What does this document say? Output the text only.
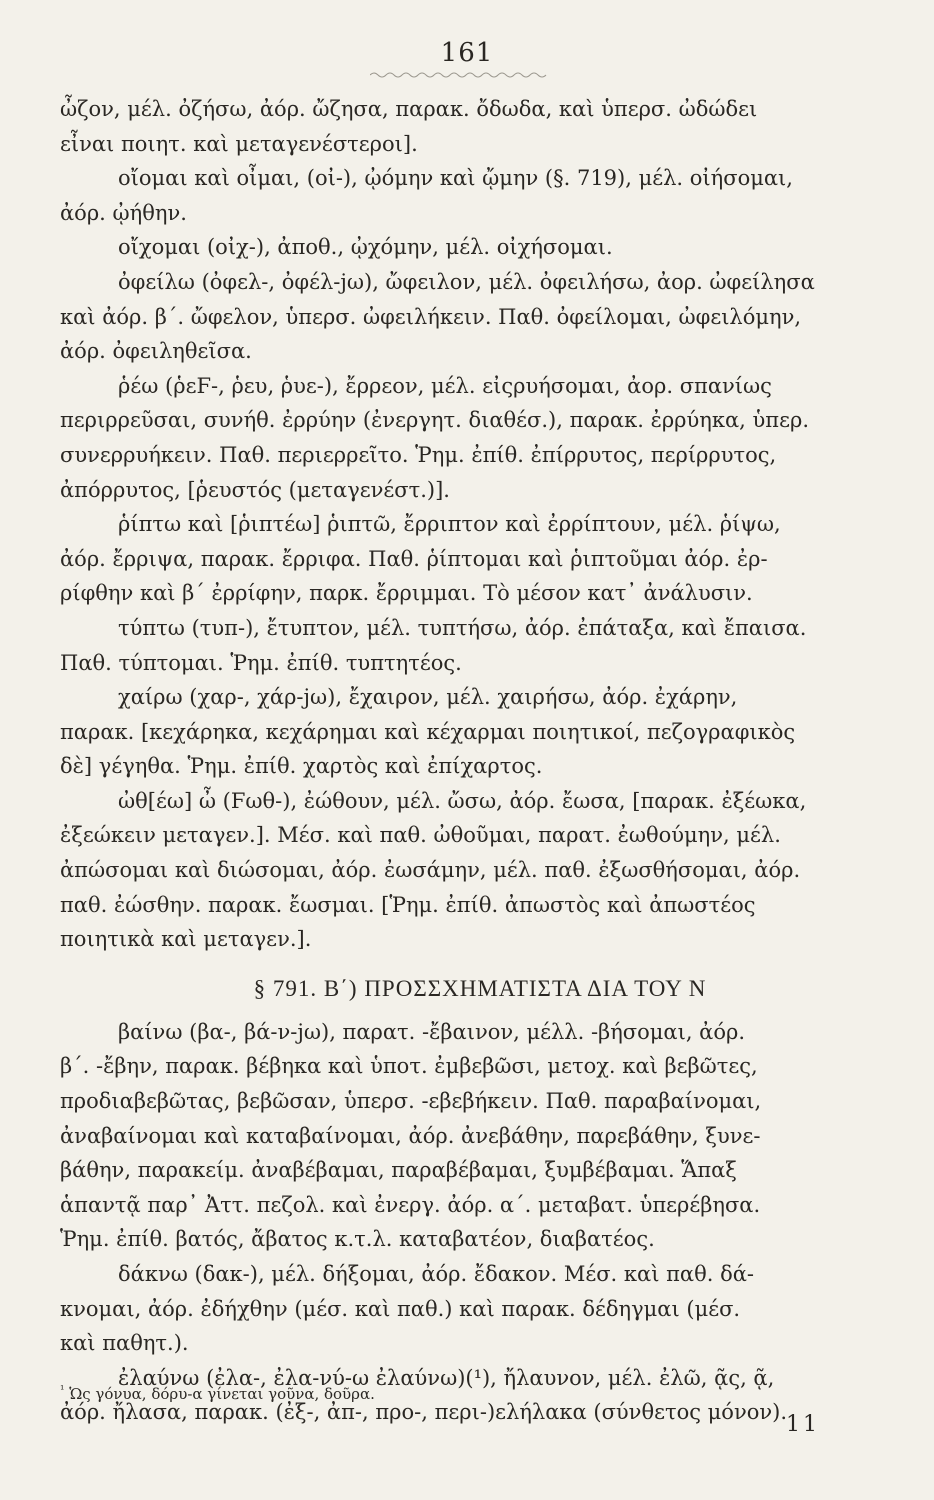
161
ὦζον, μέλ. ὀζήσω, ἀόρ. ὤζησα, παρακ. ὄδωδα, καὶ ὑπερσ. ὠδώδει
εἶναι ποιητ. καὶ μεταγενέστεροι].
οἴομαι καὶ οἶμαι, (οἰ-), ᾠόμην καὶ ᾤμην (§. 719), μέλ. οἰήσομαι,
ἀόρ. ᾠήθην.
οἴχομαι (οἰχ-), ἀποθ., ᾠχόμην, μέλ. οἰχήσομαι.
ὀφείλω (ὀφελ-, ὀφέλ-jω), ὤφειλον, μέλ. ὀφειλήσω, ἀορ. ὠφείλησα
καὶ ἀόρ. β΄. ὤφελον, ὑπερσ. ὠφειλήκειν. Παθ. ὀφείλομαι, ὠφειλόμην,
ἀόρ. ὀφειληθεῖσα.
ῥέω (ῥεϜ-, ῥευ, ῥυε-), ἔρρεον, μέλ. εἰςρυήσομαι, ἀορ. σπανίως
περιρρεῦσαι, συνήθ. ἐρρύην (ἐνεργητ. διαθέσ.), παρακ. ἐρρύηκα, ὑπερ.
συνερρυήκειν. Παθ. περιερρεῖτο. Ῥημ. ἐπίθ. ἐπίρρυτος, περίρρυτος,
ἀπόρρυτος, [ῥευστός (μεταγενέστ.)].
ῥίπτω καὶ [ῥιπτέω] ῥιπτῶ, ἔρριπτον καὶ ἐρρίπτουν, μέλ. ῥίψω,
ἀόρ. ἔρριψα, παρακ. ἔρριφα. Παθ. ῥίπτομαι καὶ ῥιπτοῦμαι ἀόρ. ἐρ-
ρίφθην καὶ β΄ ἐρρίφην, παρκ. ἔρριμμαι. Τὸ μέσον κατ᾽ ἀνάλυσιν.
τύπτω (τυπ-), ἔτυπτον, μέλ. τυπτήσω, ἀόρ. ἐπάταξα, καὶ ἔπαισα.
Παθ. τύπτομαι. Ῥημ. ἐπίθ. τυπτητέος.
χαίρω (χαρ-, χάρ-jω), ἔχαιρον, μέλ. χαιρήσω, ἀόρ. ἐχάρην,
παρακ. [κεχάρηκα, κεχάρημαι καὶ κέχαρμαι ποιητικοί, πεζογραφικὸς
δὲ] γέγηθα. Ῥημ. ἐπίθ. χαρτὸς καὶ ἐπίχαρτος.
ὠθ[έω] ὦ (Ϝωθ-), ἐώθουν, μέλ. ὤσω, ἀόρ. ἔωσα, [παρακ. ἐξέωκα,
ἐξεώκειν μεταγεν.]. Μέσ. καὶ παθ. ὠθοῦμαι, παρατ. ἐωθούμην, μέλ.
ἀπώσομαι καὶ διώσομαι, ἀόρ. ἐωσάμην, μέλ. παθ. ἐξωσθήσομαι, ἀόρ.
παθ. ἐώσθην. παρακ. ἔωσμαι. [Ῥημ. ἐπίθ. ἀπωστὸς καὶ ἀπωστέος
ποιητικὰ καὶ μεταγεν.].
§ 791. Β΄) ΠΡΟΣΣΧΗΜΑΤΙΣΤΑ ΔΙΑ ΤΟΥ Ν
βαίνω (βα-, βά-ν-jω), παρατ. -ἔβαινον, μέλλ. -βήσομαι, ἀόρ.
β΄. -ἔβην, παρακ. βέβηκα καὶ ὑποτ. ἐμβεβῶσι, μετοχ. καὶ βεβῶτες,
προδιαβεβῶτας, βεβῶσαν, ὑπερσ. -εβεβήκειν. Παθ. παραβαίνομαι,
ἀναβαίνομαι καὶ καταβαίνομαι, ἀόρ. ἀνεβάθην, παρεβάθην, ξυνε-
βάθην, παρακείμ. ἀναβέβαμαι, παραβέβαμαι, ξυμβέβαμαι. Ἅπαξ
ἁπαντᾷ παρ᾽ Ἀττ. πεζολ. καὶ ἐνεργ. ἀόρ. α΄. μεταβατ. ὑπερέβησα.
Ῥημ. ἐπίθ. βατός, ἄβατος κ.τ.λ. καταβατέον, διαβατέος.
δάκνω (δακ-), μέλ. δήξομαι, ἀόρ. ἔδακον. Μέσ. καὶ παθ. δά-
κνομαι, ἀόρ. ἐδήχθην (μέσ. καὶ παθ.) καὶ παρακ. δέδηγμαι (μέσ.
καὶ παθητ.).
ἐλαύνω (ἐλα-, ἐλα-νύ-ω ἐλαύνω)(¹), ἤλαυνον, μέλ. ἐλῶ, ᾷς, ᾷ,
ἀόρ. ἤλασα, παρακ. (ἐξ-, ἀπ-, προ-, περι-)ελήλακα (σύνθετος μόνον).
$^{^1}$ Ὡς γόνυα, δόρυ-α γίνεται γοῦνα, δοῦρα.
11
